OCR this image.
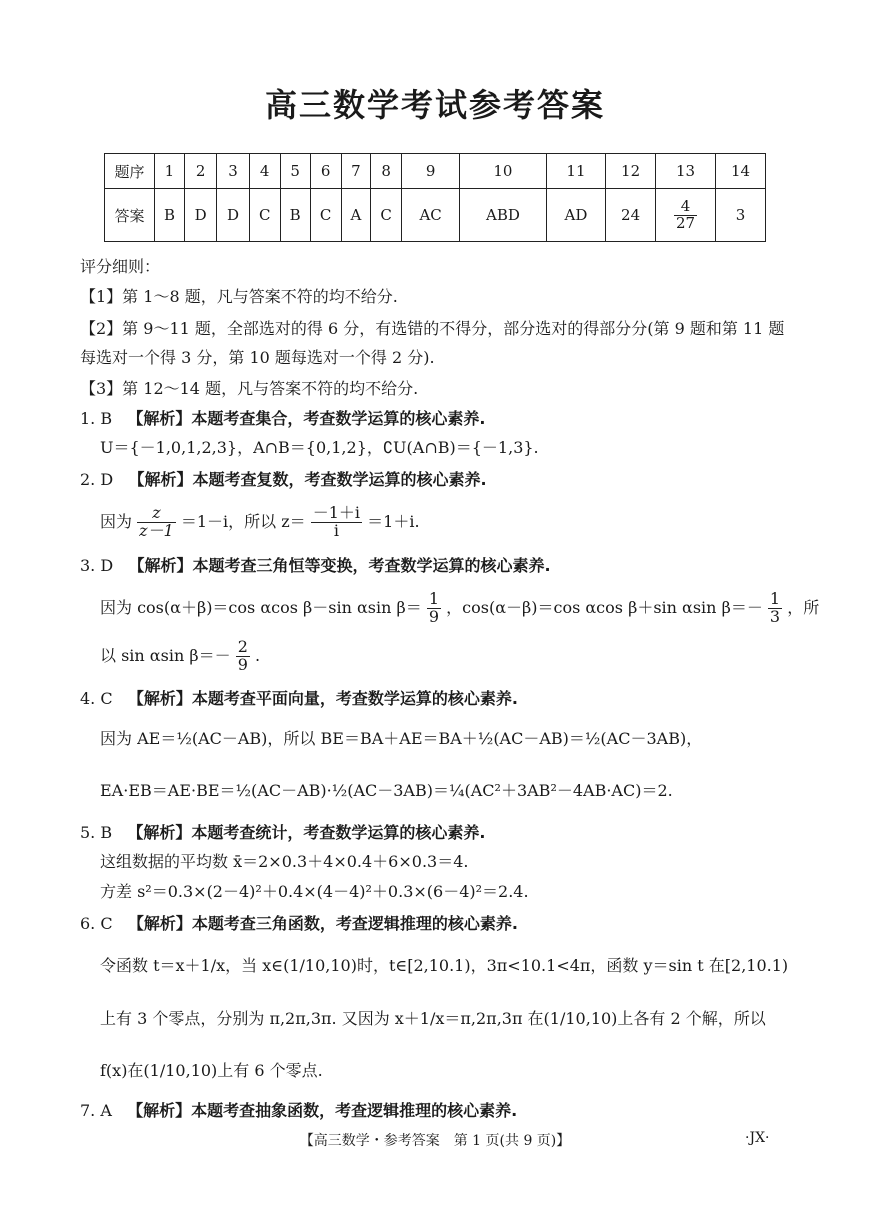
高三数学考试参考答案
题序	1	2	3	4	5	6	7	8	9	10	11	12	13	14
答案	B	D	D	C	B	C	A	C	AC	ABD	AD	24	$\frac{4}{27}$	3
评分细则：
【1】第 1～8 题，凡与答案不符的均不给分.
【2】第 9～11 题，全部选对的得 6 分，有选错的不得分，部分选对的得部分分(第 9 题和第 11 题
每选对一个得 3 分，第 10 题每选对一个得 2 分).
【3】第 12～14 题，凡与答案不符的均不给分.
1. B 【解析】本题考查集合，考查数学运算的核心素养.
U＝{－1,0,1,2,3}，A∩B＝{0,1,2}，∁U(A∩B)＝{－1,3}.
2. D 【解析】本题考查复数，考查数学运算的核心素养.
因为 $\frac{z}{z-1} =1-i$，所以 $z= \frac{-1+i}{i} =1+i$.
3. D 【解析】本题考查三角恒等变换，考查数学运算的核心素养.
因为 cos(α＋β)＝cos αcos β－sin αsin $\beta= \frac{1}{9}$ ，cos(α－β)＝cos αcos β＋sin αsin $\beta=- \frac{1}{3}$ ，所
以 sin αsin $\beta=- \frac{2}{9}$ .
4. C 【解析】本题考查平面向量，考查数学运算的核心素养.
因为 AE＝½(AC－AB)，所以 BE＝BA＋AE＝BA＋½(AC－AB)＝½(AC－3AB)，
EA·EB＝AE·BE＝½(AC－AB)·½(AC－3AB)＝¼(AC²＋3AB²－4AB·AC)＝2.
5. B 【解析】本题考查统计，考查数学运算的核心素养.
这组数据的平均数 x̄＝2×0.3＋4×0.4＋6×0.3＝4.
方差 s²＝0.3×(2－4)²＋0.4×(4－4)²＋0.3×(6－4)²＝2.4.
6. C 【解析】本题考查三角函数，考查逻辑推理的核心素养.
令函数 t＝x＋1/x，当 x∈(1/10,10)时，t∈[2,10.1)，3π<10.1<4π，函数 y＝sin t 在[2,10.1)
上有 3 个零点，分别为 π,2π,3π. 又因为 x＋1/x＝π,2π,3π 在(1/10,10)上各有 2 个解，所以
f(x)在(1/10,10)上有 6 个零点.
7. A 【解析】本题考查抽象函数，考查逻辑推理的核心素养.
【高三数学・参考答案　第 1 页(共 9 页)】	·JX·
